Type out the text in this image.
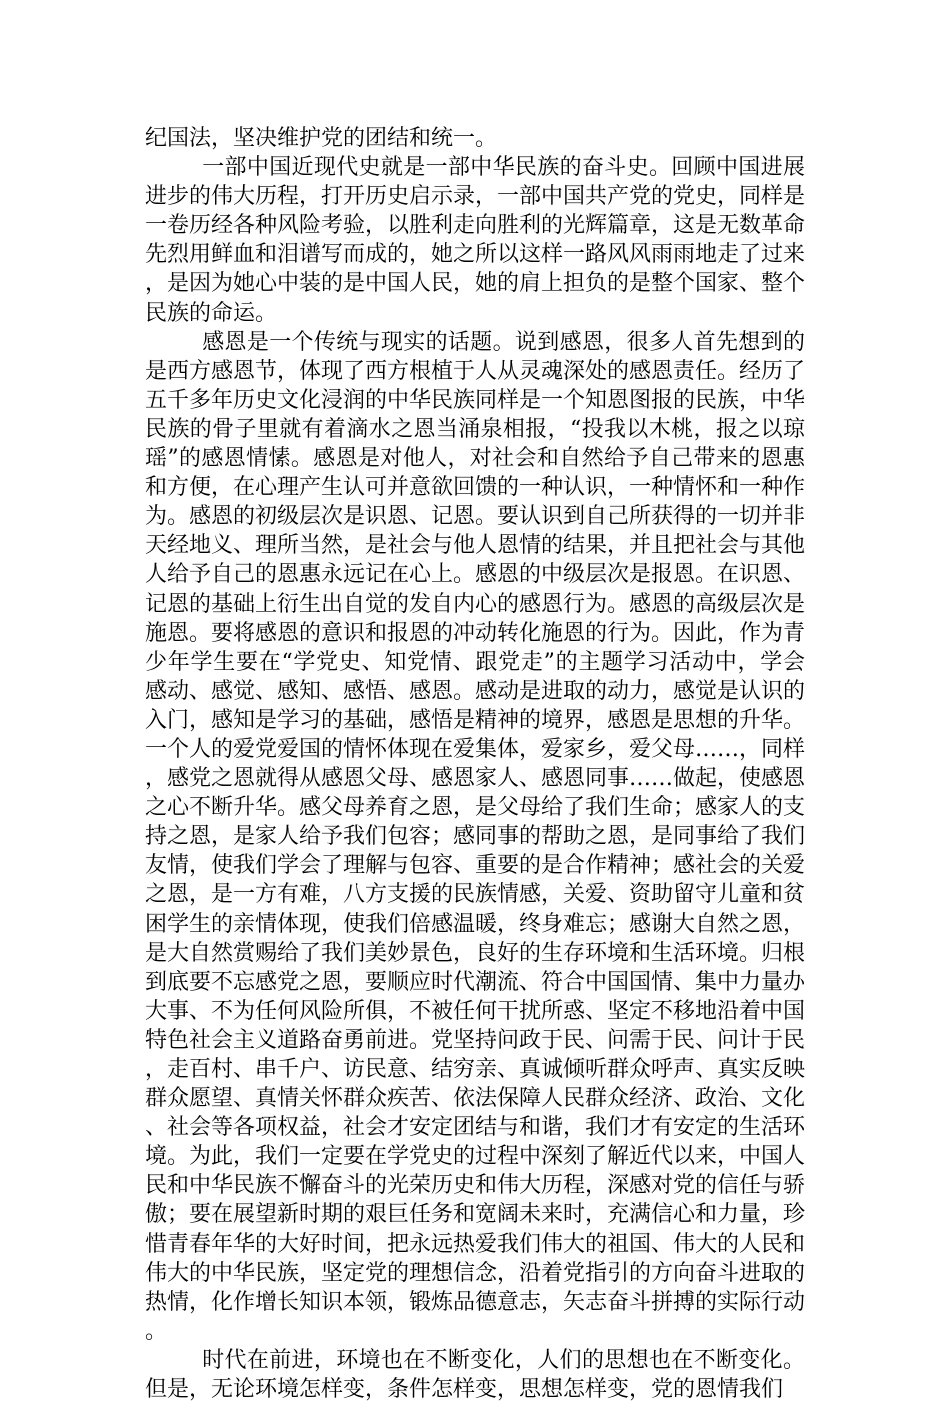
纪国法，坚决维护党的团结和统一。

一部中国近现代史就是一部中华民族的奋斗史。回顾中国进展进步的伟大历程，打开历史启示录，一部中国共产党的党史，同样是一卷历经各种风险考验，以胜利走向胜利的光辉篇章，这是无数革命先烈用鲜血和泪谱写而成的，她之所以这样一路风风雨雨地走了过来，是因为她心中装的是中国人民，她的肩上担负的是整个国家、整个民族的命运。

感恩是一个传统与现实的话题。说到感恩，很多人首先想到的是西方感恩节，体现了西方根植于人从灵魂深处的感恩责任。经历了五千多年历史文化浸润的中华民族同样是一个知恩图报的民族，中华民族的骨子里就有着滴水之恩当涌泉相报，“投我以木桃，报之以琼瑶”的感恩情愫。感恩是对他人，对社会和自然给予自己带来的恩惠和方便，在心理产生认可并意欲回馈的一种认识，一种情怀和一种作为。感恩的初级层次是识恩、记恩。要认识到自己所获得的一切并非天经地义、理所当然，是社会与他人恩情的结果，并且把社会与其他人给予自己的恩惠永远记在心上。感恩的中级层次是报恩。在识恩、记恩的基础上衍生出自觉的发自内心的感恩行为。感恩的高级层次是施恩。要将感恩的意识和报恩的冲动转化施恩的行为。因此，作为青少年学生要在“学党史、知党情、跟党走”的主题学习活动中，学会感动、感觉、感知、感悟、感恩。感动是进取的动力，感觉是认识的入门，感知是学习的基础，感悟是精神的境界，感恩是思想的升华。一个人的爱党爱国的情怀体现在爱集体，爱家乡，爱父母……，同样，感党之恩就得从感恩父母、感恩家人、感恩同事……做起，使感恩之心不断升华。感父母养育之恩，是父母给了我们生命；感家人的支持之恩，是家人给予我们包容；感同事的帮助之恩，是同事给了我们友情，使我们学会了理解与包容、重要的是合作精神；感社会的关爱之恩，是一方有难，八方支援的民族情感，关爱、资助留守儿童和贫困学生的亲情体现，使我们倍感温暖，终身难忘；感谢大自然之恩，是大自然赏赐给了我们美妙景色，良好的生存环境和生活环境。归根到底要不忘感党之恩，要顺应时代潮流、符合中国国情、集中力量办大事、不为任何风险所俱，不被任何干扰所惑、坚定不移地沿着中国特色社会主义道路奋勇前进。党坚持问政于民、问需于民、问计于民，走百村、串千户、访民意、结穷亲、真诚倾听群众呼声、真实反映群众愿望、真情关怀群众疾苦、依法保障人民群众经济、政治、文化、社会等各项权益，社会才安定团结与和谐，我们才有安定的生活环境。为此，我们一定要在学党史的过程中深刻了解近代以来，中国人民和中华民族不懈奋斗的光荣历史和伟大历程，深感对党的信任与骄傲；要在展望新时期的艰巨任务和宽阔未来时，充满信心和力量，珍惜青春年华的大好时间，把永远热爱我们伟大的祖国、伟大的人民和伟大的中华民族，坚定党的理想信念，沿着党指引的方向奋斗进取的热情，化作增长知识本领，锻炼品德意志，矢志奋斗拼搏的实际行动。

时代在前进，环境也在不断变化，人们的思想也在不断变化。但是，无论环境怎样变，条件怎样变，思想怎样变，党的恩情我们
